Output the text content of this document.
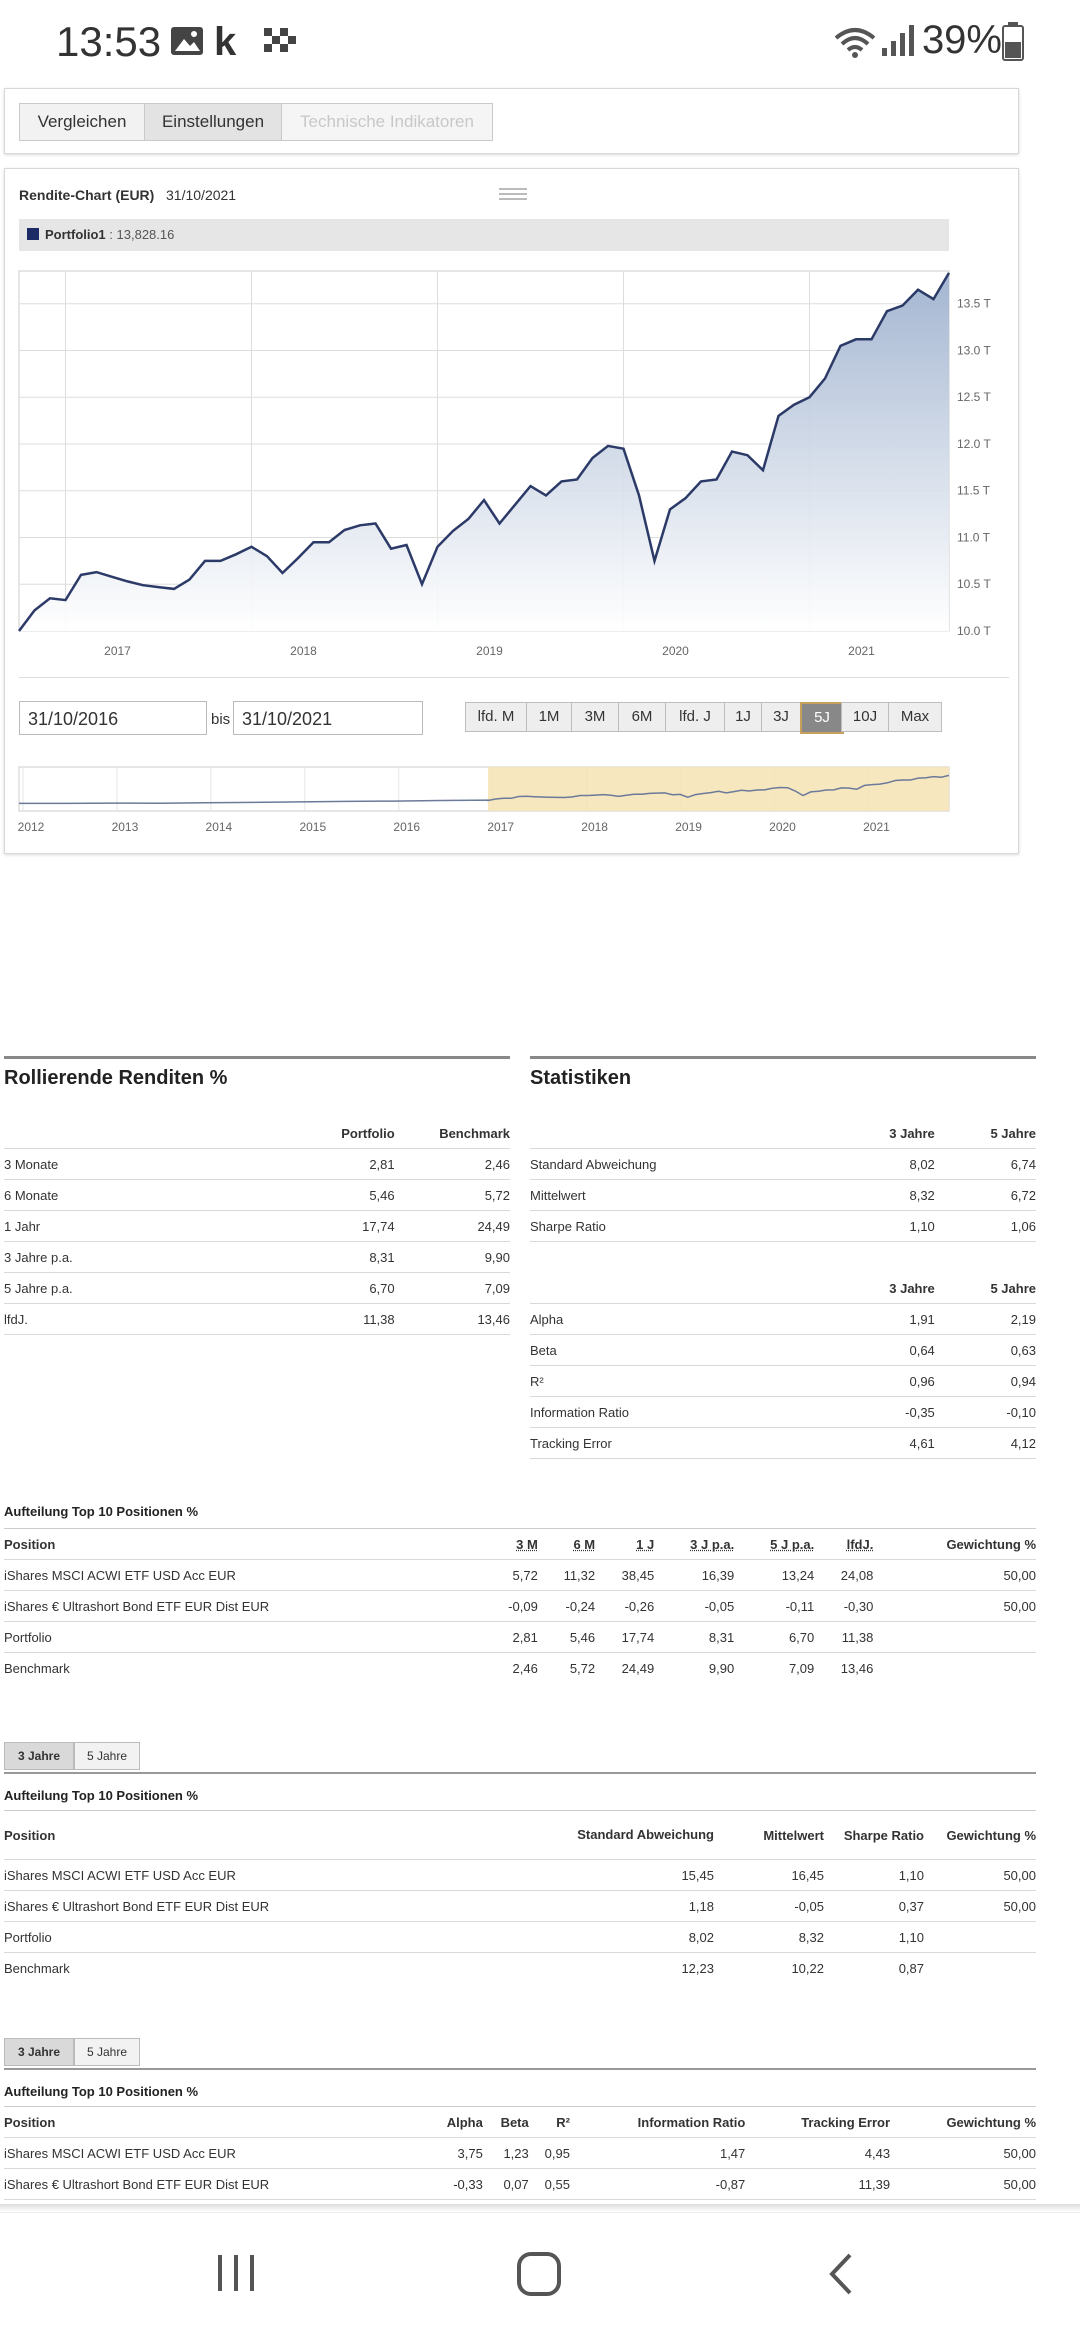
13:53 k	39%
Vergleichen	Einstellungen	Technische Indikatoren
Rendite-Chart (EUR) 31/10/2021
Portfolio1 : 13,828.16
10.0 T
10.5 T
11.0 T
11.5 T
12.0 T
12.5 T
13.0 T
13.5 T
2017	2018	2019	2020	2021
31/10/2016	bis 31/10/2021	lfd. M	1M	3M	6M	lfd. J	1J	3J	5J	10J	Max
2012	2013	2014	2015	2016	2017	2018	2019	2020	2021
Rollierende Renditen %
	Portfolio	Benchmark
3 Monate	2,81	2,46
6 Monate	5,46	5,72
1 Jahr	17,74	24,49
3 Jahre p.a.	8,31	9,90
5 Jahre p.a.	6,70	7,09
lfdJ.	11,38	13,46
Statistiken
	3 Jahre	5 Jahre
Standard Abweichung	8,02	6,74
Mittelwert	8,32	6,72
Sharpe Ratio	1,10	1,06
	3 Jahre	5 Jahre
Alpha	1,91	2,19
Beta	0,64	0,63
R²	0,96	0,94
Information Ratio	-0,35	-0,10
Tracking Error	4,61	4,12
Aufteilung Top 10 Positionen %
Position	3 M	6 M	1 J	3 J p.a.	5 J p.a.	lfdJ.	Gewichtung %
iShares MSCI ACWI ETF USD Acc EUR	5,72	11,32	38,45	16,39	13,24	24,08	50,00
iShares € Ultrashort Bond ETF EUR Dist EUR	-0,09	-0,24	-0,26	-0,05	-0,11	-0,30	50,00
Portfolio	2,81	5,46	17,74	8,31	6,70	11,38	
Benchmark	2,46	5,72	24,49	9,90	7,09	13,46	
3 Jahre	5 Jahre
Aufteilung Top 10 Positionen %
Position	Standard Abweichung	Mittelwert	Sharpe Ratio	Gewichtung %
iShares MSCI ACWI ETF USD Acc EUR	15,45	16,45	1,10	50,00
iShares € Ultrashort Bond ETF EUR Dist EUR	1,18	-0,05	0,37	50,00
Portfolio	8,02	8,32	1,10	
Benchmark	12,23	10,22	0,87	
3 Jahre	5 Jahre
Aufteilung Top 10 Positionen %
Position	Alpha	Beta	R²	Information Ratio	Tracking Error	Gewichtung %
iShares MSCI ACWI ETF USD Acc EUR	3,75	1,23	0,95	1,47	4,43	50,00
iShares € Ultrashort Bond ETF EUR Dist EUR	-0,33	0,07	0,55	-0,87	11,39	50,00
